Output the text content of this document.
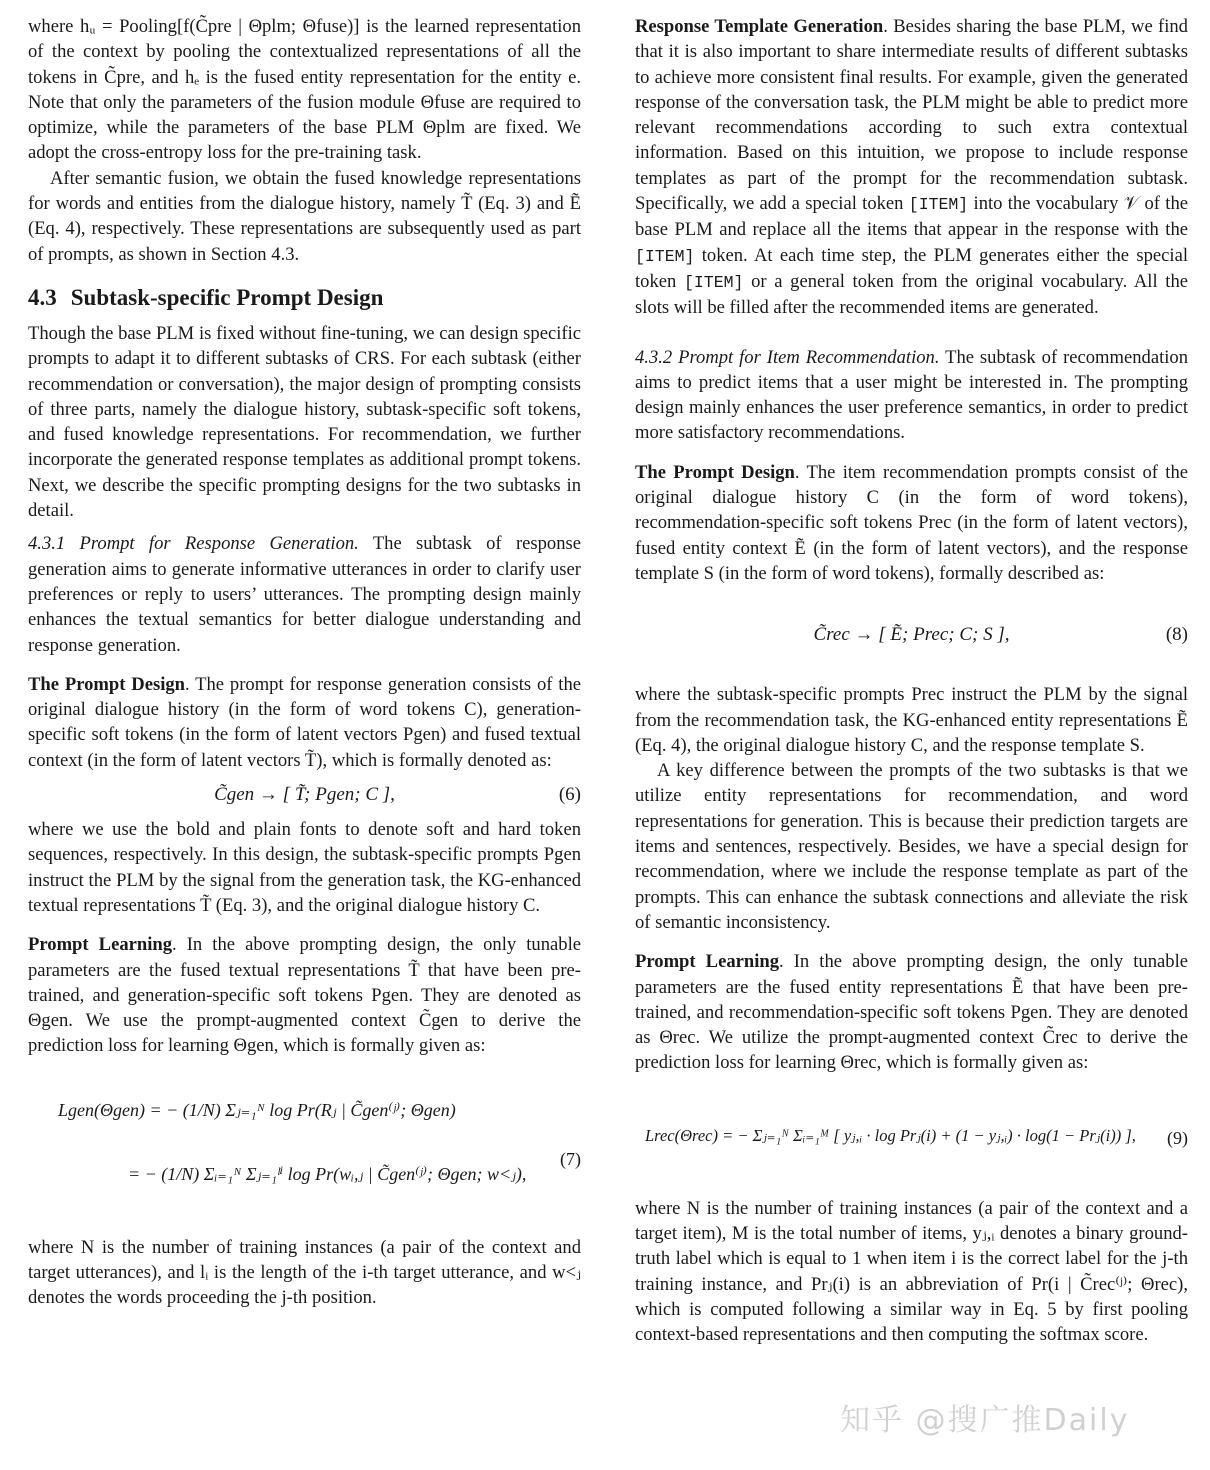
where hᵤ = Pooling[f(C̃pre | Θplm; Θfuse)] is the learned representation of the context by pooling the contextualized representations of all the tokens in C̃pre, and hₑ is the fused entity representation for the entity e. Note that only the parameters of the fusion module Θfuse are required to optimize, while the parameters of the base PLM Θplm are fixed. We adopt the cross-entropy loss for the pre-training task.

After semantic fusion, we obtain the fused knowledge representations for words and entities from the dialogue history, namely T̃ (Eq. 3) and Ẽ (Eq. 4), respectively. These representations are subsequently used as part of prompts, as shown in Section 4.3.

4.3 Subtask-specific Prompt Design

Though the base PLM is fixed without fine-tuning, we can design specific prompts to adapt it to different subtasks of CRS. For each subtask (either recommendation or conversation), the major design of prompting consists of three parts, namely the dialogue history, subtask-specific soft tokens, and fused knowledge representations. For recommendation, we further incorporate the generated response templates as additional prompt tokens. Next, we describe the specific prompting designs for the two subtasks in detail.

4.3.1 Prompt for Response Generation. The subtask of response generation aims to generate informative utterances in order to clarify user preferences or reply to users’ utterances. The prompting design mainly enhances the textual semantics for better dialogue understanding and response generation.

The Prompt Design. The prompt for response generation consists of the original dialogue history (in the form of word tokens C), generation-specific soft tokens (in the form of latent vectors Pgen) and fused textual context (in the form of latent vectors T̃), which is formally denoted as:

C̃gen → [ T̃; Pgen; C ],	(6)

where we use the bold and plain fonts to denote soft and hard token sequences, respectively. In this design, the subtask-specific prompts Pgen instruct the PLM by the signal from the generation task, the KG-enhanced textual representations T̃ (Eq. 3), and the original dialogue history C.

Prompt Learning. In the above prompting design, the only tunable parameters are the fused textual representations T̃ that have been pre-trained, and generation-specific soft tokens Pgen. They are denoted as Θgen. We use the prompt-augmented context C̃gen to derive the prediction loss for learning Θgen, which is formally given as:

Lgen(Θgen) = − (1/N) Σⱼ₌₁ᴺ log Pr(Rⱼ | C̃gen⁽ʲ⁾; Θgen)
= − (1/N) Σᵢ₌₁ᴺ Σⱼ₌₁ˡⁱ log Pr(wᵢ,ⱼ | C̃gen⁽ʲ⁾; Θgen; w<ⱼ),
(7)

where N is the number of training instances (a pair of the context and target utterances), and lᵢ is the length of the i-th target utterance, and w<ⱼ denotes the words proceeding the j-th position.

Response Template Generation. Besides sharing the base PLM, we find that it is also important to share intermediate results of different subtasks to achieve more consistent final results. For example, given the generated response of the conversation task, the PLM might be able to predict more relevant recommendations according to such extra contextual information. Based on this intuition, we propose to include response templates as part of the prompt for the recommendation subtask. Specifically, we add a special token [ITEM] into the vocabulary 𝒱 of the base PLM and replace all the items that appear in the response with the [ITEM] token. At each time step, the PLM generates either the special token [ITEM] or a general token from the original vocabulary. All the slots will be filled after the recommended items are generated.

4.3.2 Prompt for Item Recommendation. The subtask of recommendation aims to predict items that a user might be interested in. The prompting design mainly enhances the user preference semantics, in order to predict more satisfactory recommendations.

The Prompt Design. The item recommendation prompts consist of the original dialogue history C (in the form of word tokens), recommendation-specific soft tokens Prec (in the form of latent vectors), fused entity context Ẽ (in the form of latent vectors), and the response template S (in the form of word tokens), formally described as:

C̃rec → [ Ẽ; Prec; C; S ],	(8)

where the subtask-specific prompts Prec instruct the PLM by the signal from the recommendation task, the KG-enhanced entity representations Ẽ (Eq. 4), the original dialogue history C, and the response template S.

A key difference between the prompts of the two subtasks is that we utilize entity representations for recommendation, and word representations for generation. This is because their prediction targets are items and sentences, respectively. Besides, we have a special design for recommendation, where we include the response template as part of the prompts. This can enhance the subtask connections and alleviate the risk of semantic inconsistency.

Prompt Learning. In the above prompting design, the only tunable parameters are the fused entity representations Ẽ that have been pre-trained, and recommendation-specific soft tokens Pgen. They are denoted as Θrec. We utilize the prompt-augmented context C̃rec to derive the prediction loss for learning Θrec, which is formally given as:

Lrec(Θrec) = − Σⱼ₌₁ᴺ Σᵢ₌₁ᴹ [ yⱼ,ᵢ · log Prⱼ(i) + (1 − yⱼ,ᵢ) · log(1 − Prⱼ(i)) ], (9)

where N is the number of training instances (a pair of the context and a target item), M is the total number of items, yⱼ,ᵢ denotes a binary ground-truth label which is equal to 1 when item i is the correct label for the j-th training instance, and Prⱼ(i) is an abbreviation of Pr(i | C̃rec⁽ʲ⁾; Θrec), which is computed following a similar way in Eq. 5 by first pooling context-based representations and then computing the softmax score.

知乎 @搜广推Daily
